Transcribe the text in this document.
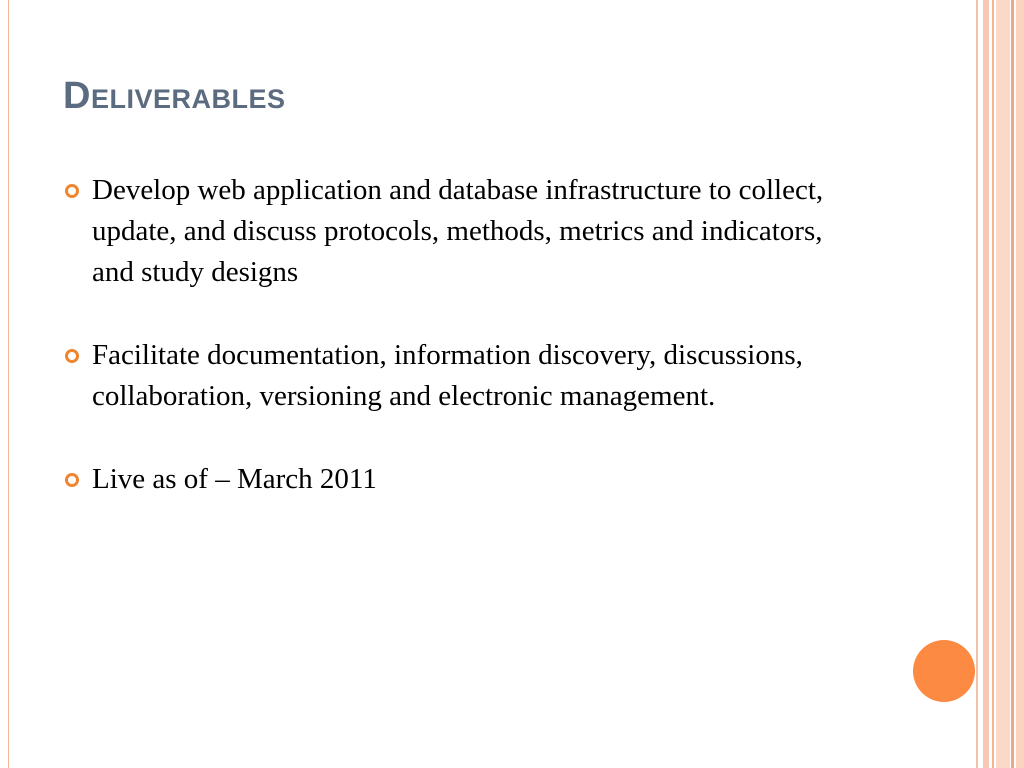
Deliverables
Develop web application and database infrastructure to collect, update, and discuss protocols, methods, metrics and indicators, and study designs
Facilitate documentation, information discovery, discussions, collaboration, versioning and electronic management.
Live as of – March 2011
